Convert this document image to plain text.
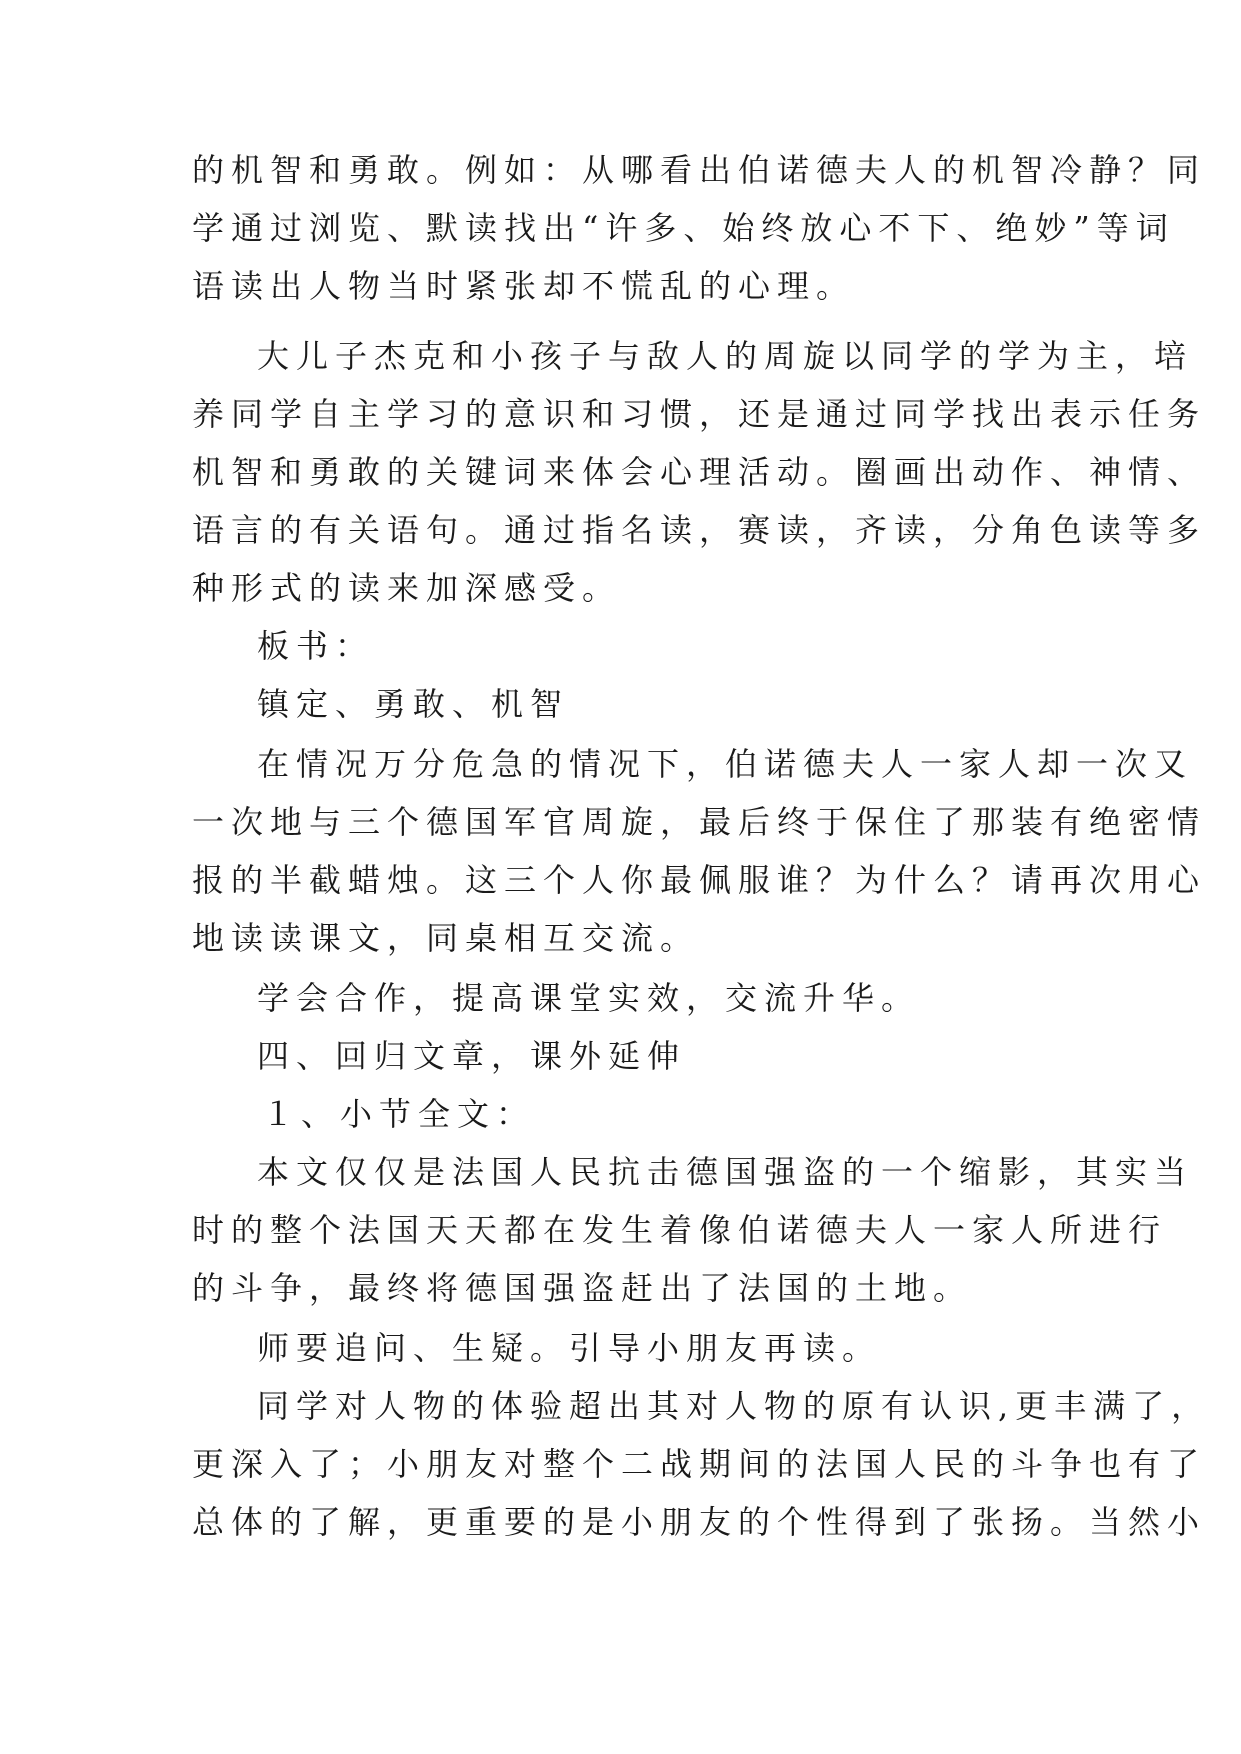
的机智和勇敢。例如：从哪看出伯诺德夫人的机智冷静？同

学通过浏览、默读找出“许多、始终放心不下、绝妙”等词

语读出人物当时紧张却不慌乱的心理。

大儿子杰克和小孩子与敌人的周旋以同学的学为主，培

养同学自主学习的意识和习惯，还是通过同学找出表示任务

机智和勇敢的关键词来体会心理活动。圈画出动作、神情、

语言的有关语句。通过指名读，赛读，齐读，分角色读等多

种形式的读来加深感受。

板书：

镇定、勇敢、机智

在情况万分危急的情况下，伯诺德夫人一家人却一次又

一次地与三个德国军官周旋，最后终于保住了那装有绝密情

报的半截蜡烛。这三个人你最佩服谁？为什么？请再次用心

地读读课文，同桌相互交流。

学会合作，提高课堂实效，交流升华。

四、回归文章，课外延伸

１、小节全文：

本文仅仅是法国人民抗击德国强盗的一个缩影，其实当

时的整个法国天天都在发生着像伯诺德夫人一家人所进行

的斗争，最终将德国强盗赶出了法国的土地。

师要追问、生疑。引导小朋友再读。

同学对人物的体验超出其对人物的原有认识,更丰满了，

更深入了；小朋友对整个二战期间的法国人民的斗争也有了

总体的了解，更重要的是小朋友的个性得到了张扬。当然小
